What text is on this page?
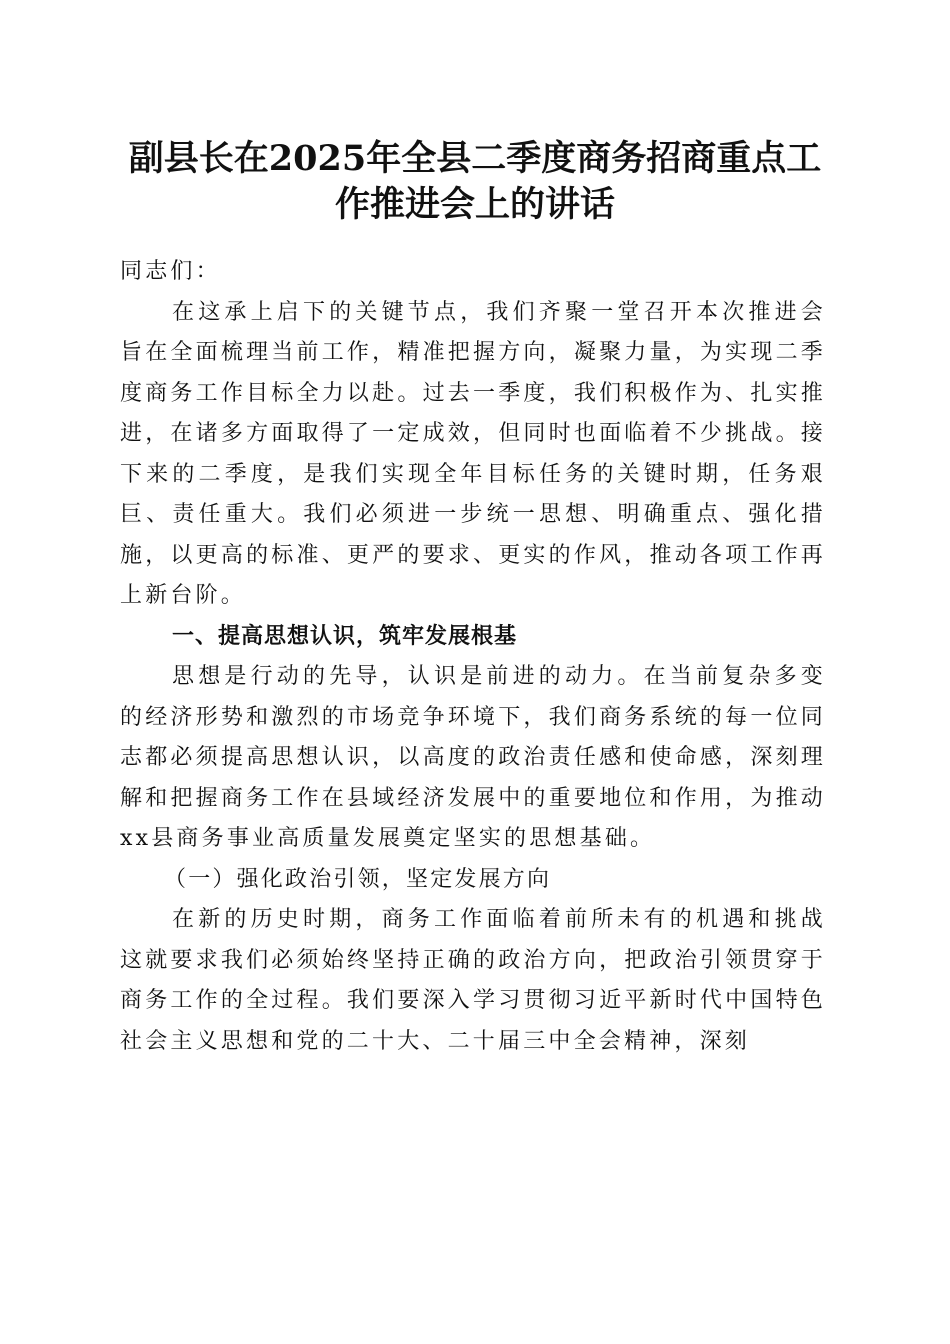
副县长在2025年全县二季度商务招商重点工
作推进会上的讲话

同志们：

在这承上启下的关键节点，我们齐聚一堂召开本次推进会旨在全面梳理当前工作，精准把握方向，凝聚力量，为实现二季度商务工作目标全力以赴。过去一季度，我们积极作为、扎实推进，在诸多方面取得了一定成效，但同时也面临着不少挑战。接下来的二季度，是我们实现全年目标任务的关键时期，任务艰巨、责任重大。我们必须进一步统一思想、明确重点、强化措施，以更高的标准、更严的要求、更实的作风，推动各项工作再上新台阶。

一、提高思想认识，筑牢发展根基

思想是行动的先导，认识是前进的动力。在当前复杂多变的经济形势和激烈的市场竞争环境下，我们商务系统的每一位同志都必须提高思想认识，以高度的政治责任感和使命感，深刻理解和把握商务工作在县域经济发展中的重要地位和作用，为推动xx县商务事业高质量发展奠定坚实的思想基础。

（一）强化政治引领，坚定发展方向

在新的历史时期，商务工作面临着前所未有的机遇和挑战这就要求我们必须始终坚持正确的政治方向，把政治引领贯穿于商务工作的全过程。我们要深入学习贯彻习近平新时代中国特色社会主义思想和党的二十大、二十届三中全会精神，深刻
